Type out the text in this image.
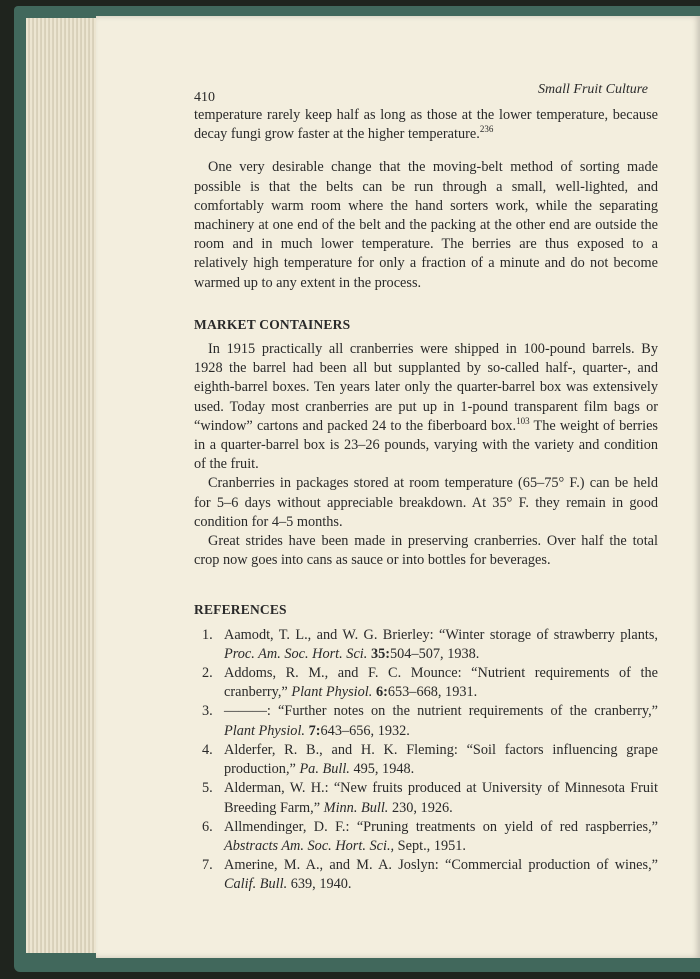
410
Small Fruit Culture

temperature rarely keep half as long as those at the lower temperature, because decay fungi grow faster at the higher temperature.$^{236}$

One very desirable change that the moving-belt method of sorting made possible is that the belts can be run through a small, well-lighted, and comfortably warm room where the hand sorters work, while the separating machinery at one end of the belt and the packing at the other end are outside the room and in much lower temperature. The berries are thus exposed to a relatively high temperature for only a fraction of a minute and do not become warmed up to any extent in the process.

MARKET CONTAINERS

In 1915 practically all cranberries were shipped in 100-pound barrels. By 1928 the barrel had been all but supplanted by so-called half-, quarter-, and eighth-barrel boxes. Ten years later only the quarter-barrel box was extensively used. Today most cranberries are put up in 1-pound transparent film bags or “window” cartons and packed 24 to the fiberboard box.$^{103}$ The weight of berries in a quarter-barrel box is 23–26 pounds, varying with the variety and condition of the fruit.

Cranberries in packages stored at room temperature (65–75° F.) can be held for 5–6 days without appreciable breakdown. At 35° F. they remain in good condition for 4–5 months.

Great strides have been made in preserving cranberries. Over half the total crop now goes into cans as sauce or into bottles for beverages.

REFERENCES
1. Aamodt, T. L., and W. G. Brierley: “Winter storage of strawberry plants, Proc. Am. Soc. Hort. Sci. 35:504–507, 1938.
2. Addoms, R. M., and F. C. Mounce: “Nutrient requirements of the cranberry,” Plant Physiol. 6:653–668, 1931.
3. ———: “Further notes on the nutrient requirements of the cranberry,” Plant Physiol. 7:643–656, 1932.
4. Alderfer, R. B., and H. K. Fleming: “Soil factors influencing grape production,” Pa. Bull. 495, 1948.
5. Alderman, W. H.: “New fruits produced at University of Minnesota Fruit Breeding Farm,” Minn. Bull. 230, 1926.
6. Allmendinger, D. F.: “Pruning treatments on yield of red raspberries,” Abstracts Am. Soc. Hort. Sci., Sept., 1951.
7. Amerine, M. A., and M. A. Joslyn: “Commercial production of wines,” Calif. Bull. 639, 1940.
